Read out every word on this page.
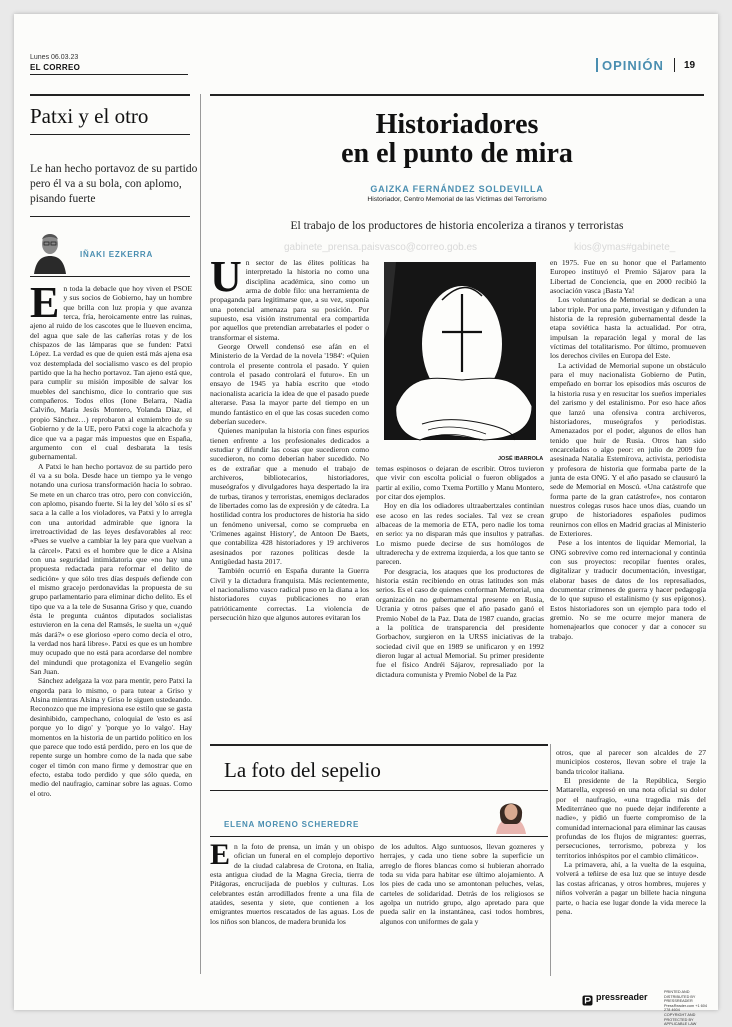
Lunes 06.03.23
EL CORREO	OPINIÓN 19
Patxi y el otro
Le han hecho portavoz de su partido pero él va a su bola, con aplomo, pisando fuerte
IÑAKI EZKERRA
E n toda la debacle que hoy viven el PSOE y sus socios de Gobierno, hay un hombre que brilla con luz propia y que avanza terca, fría, heroicamente entre las ruinas, ajeno al ruido de los cascotes que le llueven encima, del agua que sale de las cañerías rotas y de los chispazos de las lámparas que se funden: Patxi López. La verdad es que de quien está más ajena esa voz destemplada del socialismo vasco es del propio partido que la ha hecho portavoz. Tan ajeno está que, para cumplir su misión imposible de salvar los muebles del sanchismo, dice lo contrario que sus compañeros. Todos ellos (Ione Belarra, Nadia Calviño, María Jesús Montero, Yolanda Díaz, el propio Sánchez…) reprobaron al exmiembro de su Gobierno y de la UE, pero Patxi coge la alcachofa y dice que va a pagar más impuestos que en España, argumento con el cual desbarata la tesis gubernamental.

A Patxi le han hecho portavoz de su partido pero él va a su bola. Desde hace un tiempo ya le vengo notando una curiosa transformación hacia lo sobrao. Se mete en un charco tras otro, pero con convicción, con aplomo, pisando fuerte. Si la ley del 'sólo sí es sí' saca a la calle a los violadores, va Patxi y lo arregla con una autoridad admirable que ignora la irretroactividad de las leyes desfavorables al reo: «Pues se vuelve a cambiar la ley para que vuelvan a la cárcel». Patxi es el hombre que le dice a Alsina con una seguridad intimidatoria que «no hay una propuesta redactada para reformar el delito de sedición» y que sólo tres días después defiende con el mismo gracejo perdonavidas la propuesta de su grupo parlamentario para eliminar dicho delito. Es el tipo que va a la tele de Susanna Griso y que, cuando ésta le pregunta cuántos diputados socialistas estuvieron en la cena del Ramsés, le suelta un «¿qué más dará?» o ese glorioso «pero como decía el otro, la verdad nos hará libres». Patxi es que es un hombre muy ocupado que no está para acordarse del nombre del mindundi que protagoniza el Evangelio según San Juan.

Sánchez adelgaza la voz para mentir, pero Patxi la engorda para lo mismo, o para tutear a Griso y Alsina mientras Alsina y Griso le siguen ustedeando. Reconozco que me impresiona ese estilo que se gasta desinhibido, campechano, coloquial de 'esto es así porque yo lo digo' y 'porque yo lo valgo'. Hay momentos en la historia de un partido político en los que parece que todo está perdido, pero en los que de repente surge un hombre como de la nada que sabe coger el timón con mano firme y demostrar que en efecto, estaba todo perdido y que sólo queda, en medio del naufragio, caminar sobre las aguas. Como el otro.

Historiadores
en el punto de mira
GAIZKA FERNÁNDEZ SOLDEVILLA
Historiador, Centro Memorial de las Víctimas del Terrorismo
El trabajo de los productores de historia encoleriza a tiranos y terroristas
gabinete_prensa.paisvasco@correo.gob.es	kios@ymas#gabinete_
U n sector de las élites políticas ha interpretado la historia no como una disciplina académica, sino como un arma de doble filo: una herramienta de propaganda para legitimarse que, a su vez, suponía una potencial amenaza para su posición. Por supuesto, esa visión instrumental era compartida por aquellos que pretendían arrebatarles el poder o transformar el sistema.

George Orwell condensó ese afán en el Ministerio de la Verdad de la novela '1984': «Quien controla el presente controla el pasado. Y quien controla el pasado controlará el futuro». En un ensayo de 1945 ya había escrito que «todo nacionalista acaricia la idea de que el pasado puede alterarse. Pasa la mayor parte del tiempo en un mundo fantástico en el que las cosas suceden como deberían suceder».

Quienes manipulan la historia con fines espurios tienen enfrente a los profesionales dedicados a estudiar y difundir las cosas que sucedieron como sucedieron, no como deberían haber sucedido. No es de extrañar que a menudo el trabajo de archiveros, bibliotecarios, historiadores, museógrafos y divulgadores haya despertado la ira de turbas, tiranos y terroristas, enemigos declarados de libertades como las de expresión y de cátedra. La hostilidad contra los productores de historia ha sido un fenómeno universal, como se comprueba en 'Crímenes against History', de Antoon De Baets, que contabiliza 428 historiadores y 19 archiveros asesinados por razones políticas desde la Antigüedad hasta 2017.

También ocurrió en España durante la Guerra Civil y la dictadura franquista. Más recientemente, el nacionalismo vasco radical puso en la diana a los historiadores cuyas publicaciones no eran patrióticamente correctas. La violencia de persecución hizo que algunos autores evitaran los

JOSÉ IBARROLA

temas espinosos o dejaran de escribir. Otros tuvieron que vivir con escolta policial o fueron obligados a partir al exilio, como Txema Portillo y Manu Montero, por citar dos ejemplos.

Hoy en día los odiadores ultraabertzales continúan ese acoso en las redes sociales. Tal vez se crean albaceas de la memoria de ETA, pero nadie los toma en serio: ya no disparan más que insultos y patrañas. Lo mismo puede decirse de sus homólogos de ultraderecha y de extrema izquierda, a los que tanto se parecen.

Por desgracia, los ataques que los productores de historia están recibiendo en otras latitudes son más serios. Es el caso de quienes conforman Memorial, una organización no gubernamental presente en Rusia, Ucrania y otros países que el año pasado ganó el Premio Nobel de la Paz. Data de 1987 cuando, gracias a la política de transparencia del presidente Gorbachov, surgieron en la URSS iniciativas de la sociedad civil que en 1989 se unificaron y en 1992 dieron lugar al actual Memorial. Su primer presidente fue el físico Andréi Sájarov, represaliado por la dictadura comunista y Premio Nobel de la Paz

en 1975. Fue en su honor que el Parlamento Europeo instituyó el Premio Sájarov para la Libertad de Conciencia, que en 2000 recibió la asociación vasca ¡Basta Ya!

Los voluntarios de Memorial se dedican a una labor triple. Por una parte, investigan y difunden la historia de la represión gubernamental desde la etapa soviética hasta la actualidad. Por otra, impulsan la reparación legal y moral de las víctimas del totalitarismo. Por último, promueven los derechos civiles en Europa del Este.

La actividad de Memorial supone un obstáculo para el muy nacionalista Gobierno de Putin, empeñado en borrar los episodios más oscuros de la historia rusa y en resucitar los sueños imperiales del zarismo y del estalinismo. Por eso hace años que lanzó una ofensiva contra archiveros, historiadores, museógrafos y periodistas. Amenazados por el poder, algunos de ellos han tenido que huir de Rusia. Otros han sido encarcelados o algo peor: en julio de 2009 fue asesinada Natalia Estemírova, activista, periodista y profesora de historia que formaba parte de la junta de esta ONG. Y el año pasado se clausuró la sede de Memorial en Moscú. «Una catástrofe que forma parte de la gran catástrofe», nos contaron nuestros colegas rusos hace unos días, cuando un grupo de historiadores españoles pudimos reunirnos con ellos en Madrid gracias al Ministerio de Exteriores.

Pese a los intentos de liquidar Memorial, la ONG sobrevive como red internacional y continúa con sus proyectos: recopilar fuentes orales, digitalizar y traducir documentación, investigar, elaborar bases de datos de los represaliados, documentar crímenes de guerra y hacer pedagogía de lo que supuso el estalinismo (y sus epígonos). Estos historiadores son un ejemplo para todo el gremio. No se me ocurre mejor manera de homenajearlos que conocer y dar a conocer su trabajo.

La foto del sepelio
ELENA MORENO SCHEREDRE
E n la foto de prensa, un imán y un obispo ofician un funeral en el complejo deportivo de la ciudad calabresa de Crotona, en Italia, esta antigua ciudad de la Magna Grecia, tierra de Pitágoras, encrucijada de pueblos y culturas. Los celebrantes están arrodillados frente a una fila de ataúdes, sesenta y siete, que contienen a los emigrantes muertos rescatados de las aguas. Los de los niños son blancos, de madera brunida los

de los adultos. Algo suntuosos, llevan gozneres y herrajes, y cada uno tiene sobre la superficie un arreglo de flores blancas como si hubieran ahorrado toda su vida para habitar ese último alojamiento. A los pies de cada uno se amontonan peluches, velas, carteles de solidaridad. Detrás de los religiosos se agolpa un nutrido grupo, algo apretado para que pueda salir en la instantánea, casi todos hombres, algunos con uniformes de gala y

otros, que al parecer son alcaldes de 27 municipios costeros, llevan sobre el traje la banda tricolor italiana.

El presidente de la República, Sergio Mattarella, expresó en una nota oficial su dolor por el naufragio, «una tragedia más del Mediterráneo que no puede dejar indiferente a nadie», y pidió un fuerte compromiso de la comunidad internacional para eliminar las causas profundas de los flujos de migrantes: guerras, persecuciones, terrorismo, pobreza y los territorios inhóspitos por el cambio climático».

La primavera, ahí, a la vuelta de la esquina, volverá a teñirse de esa luz que se intuye desde las costas africanas, y otros hombres, mujeres y niños volverán a pagar un billete hacia ninguna parte, o hacia ese lugar donde la vida merece la pena.

pressreader	PRINTED AND DISTRIBUTED BY PRESSREADER
PressReader.com +1 604 278 4604
COPYRIGHT AND PROTECTED BY APPLICABLE LAW
